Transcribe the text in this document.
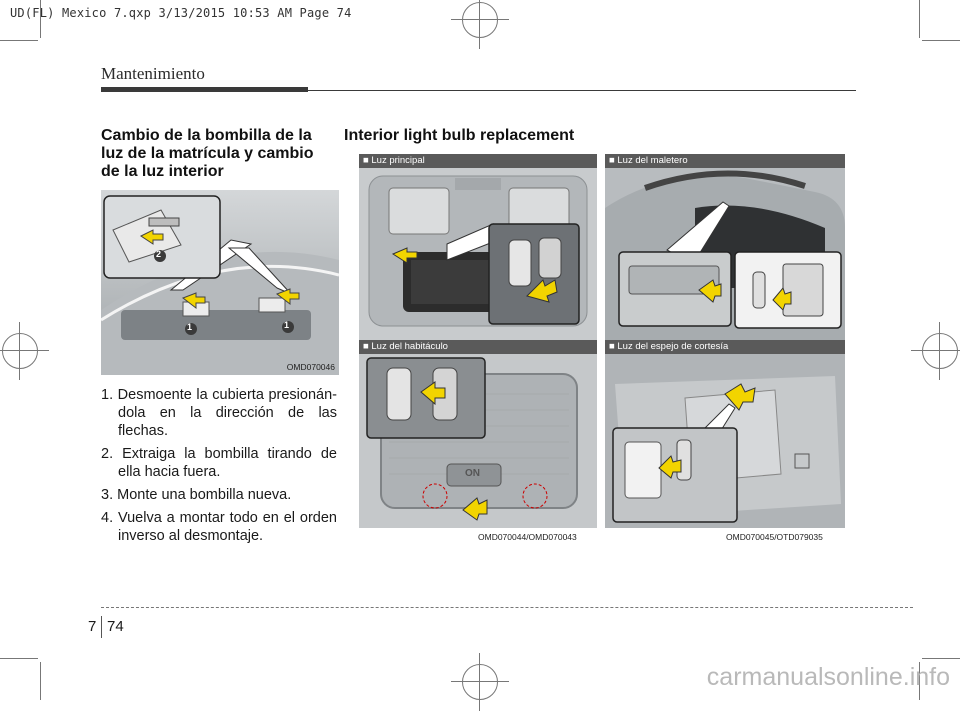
UD(FL) Mexico 7.qxp 3/13/2015 10:53 AM Page 74
Mantenimiento
Cambio de la bombilla de la luz de la matrícula y cambio de la luz interior
Interior light bulb replacement
2
1	1
OMD070046
1. Desmoente la cubierta presionán-dola en la dirección de las flechas.
2. Extraiga la bombilla tirando de ella hacia fuera.
3. Monte una bombilla nueva.
4. Vuelva a montar todo en el orden inverso al desmontaje.
■ Luz principal	■ Luz del maletero
■ Luz del habitáculo
ON
■ Luz del espejo de cortesía
OMD070044/OMD070043	OMD070045/OTD079035
7 74
carmanualsonline.info
